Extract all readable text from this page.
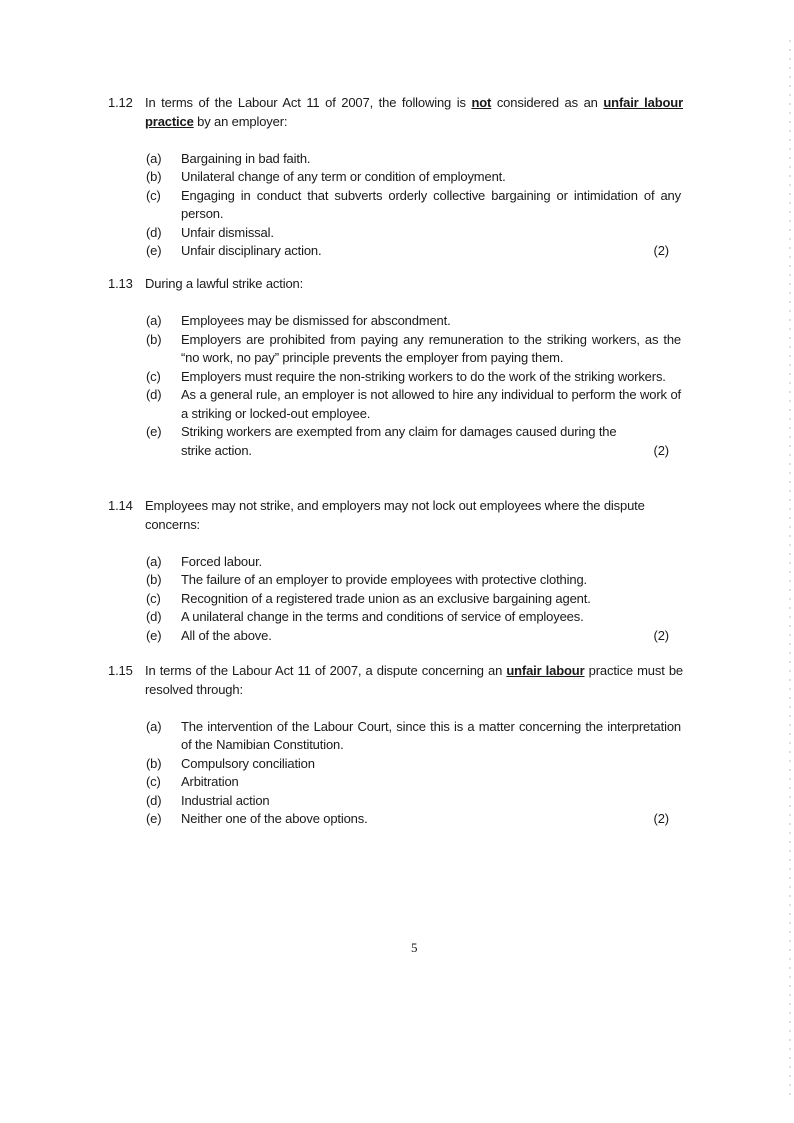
1.12 In terms of the Labour Act 11 of 2007, the following is not considered as an unfair labour practice by an employer:
(a)	Bargaining in bad faith.
(b)	Unilateral change of any term or condition of employment.
(c)	Engaging in conduct that subverts orderly collective bargaining or intimidation of any person.
(d)	Unfair dismissal.
(e)	Unfair disciplinary action.	(2)
1.13 During a lawful strike action:
(a)	Employees may be dismissed for abscondment.
(b)	Employers are prohibited from paying any remuneration to the striking workers, as the “no work, no pay” principle prevents the employer from paying them.
(c)	Employers must require the non-striking workers to do the work of the striking workers.
(d)	As a general rule, an employer is not allowed to hire any individual to perform the work of a striking or locked-out employee.
(e)	Striking workers are exempted from any claim for damages caused during the strike action.	(2)
1.14 Employees may not strike, and employers may not lock out employees where the dispute concerns:
(a)	Forced labour.
(b)	The failure of an employer to provide employees with protective clothing.
(c)	Recognition of a registered trade union as an exclusive bargaining agent.
(d)	A unilateral change in the terms and conditions of service of employees.
(e)	All of the above.	(2)
1.15 In terms of the Labour Act 11 of 2007, a dispute concerning an unfair labour practice must be resolved through:
(a)	The intervention of the Labour Court, since this is a matter concerning the interpretation of the Namibian Constitution.
(b)	Compulsory conciliation
(c)	Arbitration
(d)	Industrial action
(e)	Neither one of the above options.	(2)
5
